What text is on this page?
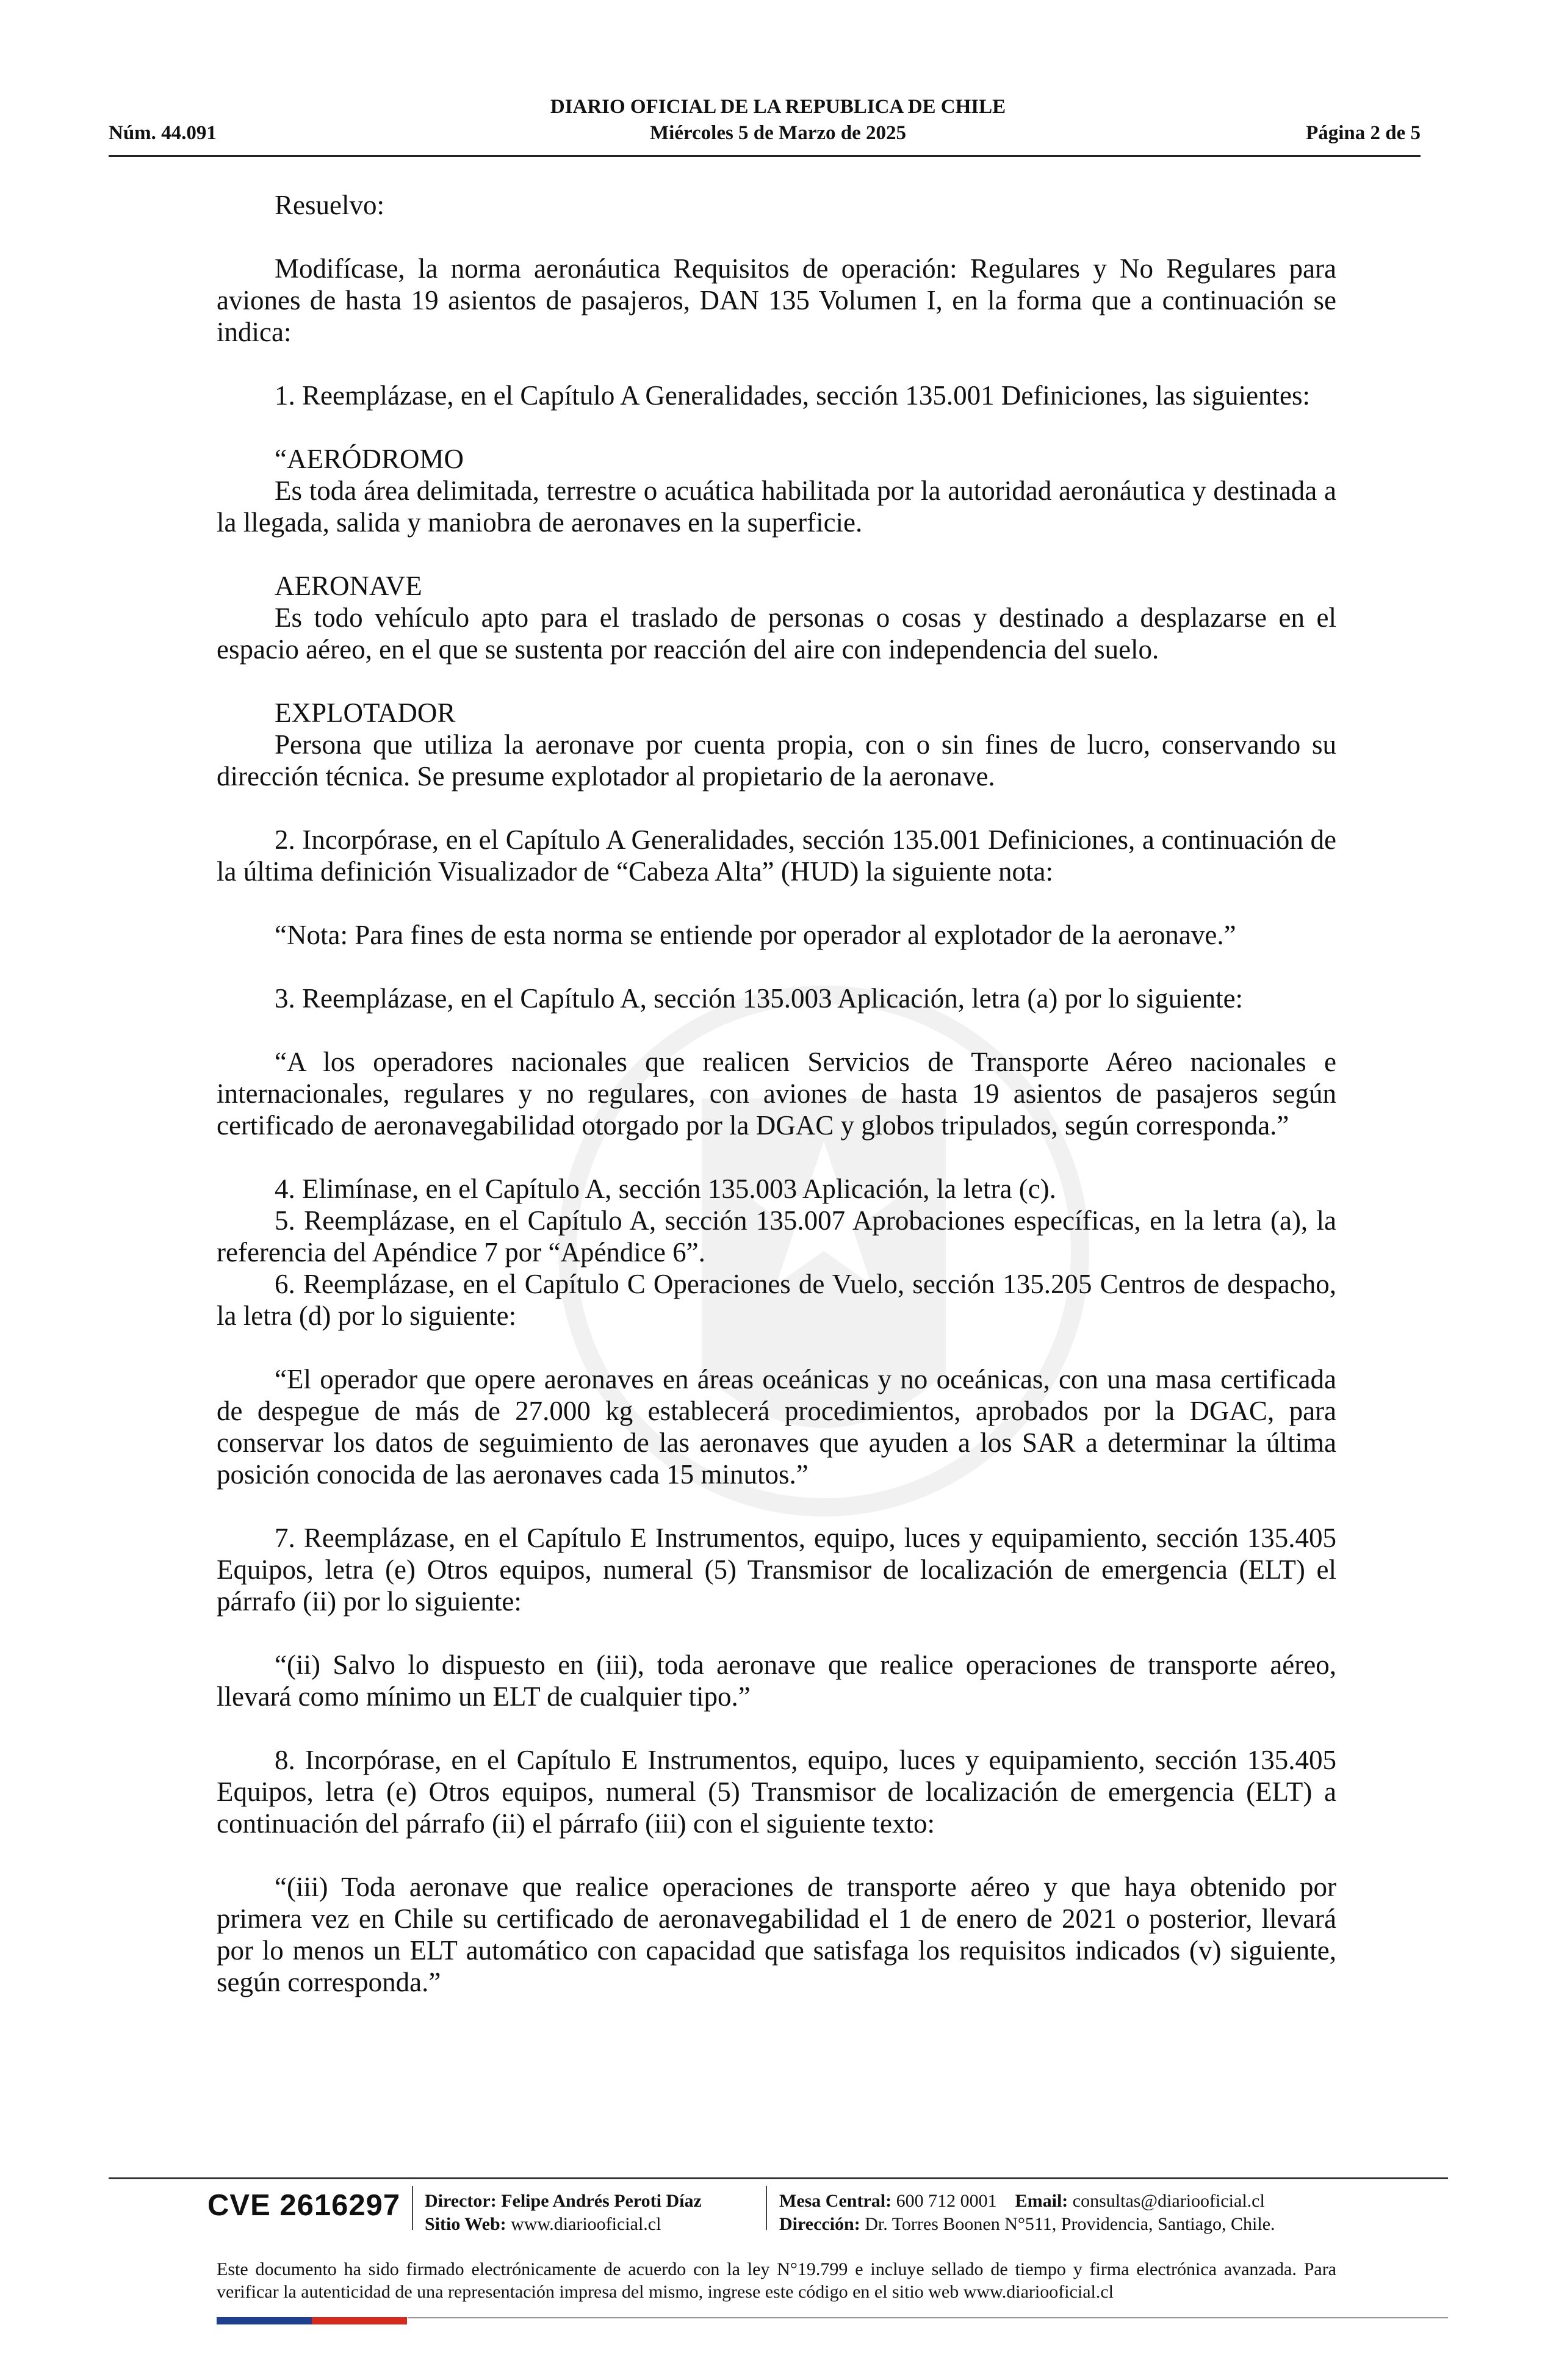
Núm. 44.091
DIARIO OFICIAL DE LA REPUBLICA DE CHILE
Miércoles 5 de Marzo de 2025	Página 2 de 5

Resuelvo:

Modifícase, la norma aeronáutica Requisitos de operación: Regulares y No Regulares para aviones de hasta 19 asientos de pasajeros, DAN 135 Volumen I, en la forma que a continuación se indica:

1. Reemplázase, en el Capítulo A Generalidades, sección 135.001 Definiciones, las siguientes:

“AERÓDROMO

Es toda área delimitada, terrestre o acuática habilitada por la autoridad aeronáutica y destinada a la llegada, salida y maniobra de aeronaves en la superficie.

AERONAVE

Es todo vehículo apto para el traslado de personas o cosas y destinado a desplazarse en el espacio aéreo, en el que se sustenta por reacción del aire con independencia del suelo.

EXPLOTADOR

Persona que utiliza la aeronave por cuenta propia, con o sin fines de lucro, conservando su dirección técnica. Se presume explotador al propietario de la aeronave.

2. Incorpórase, en el Capítulo A Generalidades, sección 135.001 Definiciones, a continuación de la última definición Visualizador de “Cabeza Alta” (HUD) la siguiente nota:

“Nota: Para fines de esta norma se entiende por operador al explotador de la aeronave.”

3. Reemplázase, en el Capítulo A, sección 135.003 Aplicación, letra (a) por lo siguiente:

“A los operadores nacionales que realicen Servicios de Transporte Aéreo nacionales e internacionales, regulares y no regulares, con aviones de hasta 19 asientos de pasajeros según certificado de aeronavegabilidad otorgado por la DGAC y globos tripulados, según corresponda.”

4. Elimínase, en el Capítulo A, sección 135.003 Aplicación, la letra (c).

5. Reemplázase, en el Capítulo A, sección 135.007 Aprobaciones específicas, en la letra (a), la referencia del Apéndice 7 por “Apéndice 6”.

6. Reemplázase, en el Capítulo C Operaciones de Vuelo, sección 135.205 Centros de despacho, la letra (d) por lo siguiente:

“El operador que opere aeronaves en áreas oceánicas y no oceánicas, con una masa certificada de despegue de más de 27.000 kg establecerá procedimientos, aprobados por la DGAC, para conservar los datos de seguimiento de las aeronaves que ayuden a los SAR a determinar la última posición conocida de las aeronaves cada 15 minutos.”

7. Reemplázase, en el Capítulo E Instrumentos, equipo, luces y equipamiento, sección 135.405 Equipos, letra (e) Otros equipos, numeral (5) Transmisor de localización de emergencia (ELT) el párrafo (ii) por lo siguiente:

“(ii) Salvo lo dispuesto en (iii), toda aeronave que realice operaciones de transporte aéreo, llevará como mínimo un ELT de cualquier tipo.”

8. Incorpórase, en el Capítulo E Instrumentos, equipo, luces y equipamiento, sección 135.405 Equipos, letra (e) Otros equipos, numeral (5) Transmisor de localización de emergencia (ELT) a continuación del párrafo (ii) el párrafo (iii) con el siguiente texto:

“(iii) Toda aeronave que realice operaciones de transporte aéreo y que haya obtenido por primera vez en Chile su certificado de aeronavegabilidad el 1 de enero de 2021 o posterior, llevará por lo menos un ELT automático con capacidad que satisfaga los requisitos indicados (v) siguiente, según corresponda.”

CVE 2616297 Director: Felipe Andrés Peroti Díaz
Sitio Web: www.diariooficial.cl
Mesa Central: 600 712 0001 Email: consultas@diariooficial.cl
Dirección: Dr. Torres Boonen N°511, Providencia, Santiago, Chile.
Este documento ha sido firmado electrónicamente de acuerdo con la ley N°19.799 e incluye sellado de tiempo y firma electrónica avanzada. Para verificar la autenticidad de una representación impresa del mismo, ingrese este código en el sitio web www.diariooficial.cl
